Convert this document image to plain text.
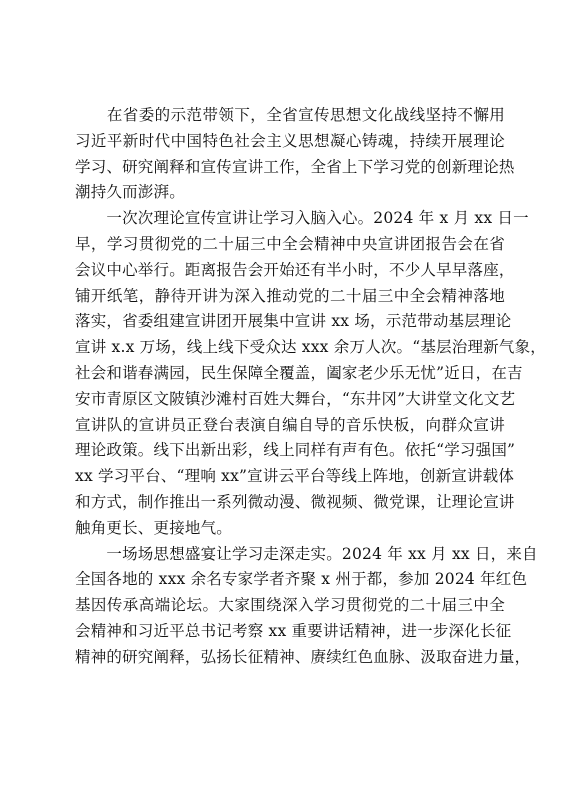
　　在省委的示范带领下，全省宣传思想文化战线坚持不懈用
习近平新时代中国特色社会主义思想凝心铸魂，持续开展理论
学习、研究阐释和宣传宣讲工作，全省上下学习党的创新理论热
潮持久而澎湃。
　　一次次理论宣传宣讲让学习入脑入心。2024 年 x 月 xx 日一
早，学习贯彻党的二十届三中全会精神中央宣讲团报告会在省
会议中心举行。距离报告会开始还有半小时，不少人早早落座，
铺开纸笔，静待开讲为深入推动党的二十届三中全会精神落地
落实，省委组建宣讲团开展集中宣讲 xx 场，示范带动基层理论
宣讲 x.x 万场，线上线下受众达 xxx 余万人次。“基层治理新气象，
社会和谐春满园，民生保障全覆盖，阖家老少乐无忧”近日，在吉
安市青原区文陂镇沙滩村百姓大舞台，“东井冈”大讲堂文化文艺
宣讲队的宣讲员正登台表演自编自导的音乐快板，向群众宣讲
理论政策。线下出新出彩，线上同样有声有色。依托“学习强国”
xx 学习平台、“理响 xx”宣讲云平台等线上阵地，创新宣讲载体
和方式，制作推出一系列微动漫、微视频、微党课，让理论宣讲
触角更长、更接地气。
　　一场场思想盛宴让学习走深走实。2024 年 xx 月 xx 日，来自
全国各地的 xxx 余名专家学者齐聚 x 州于都，参加 2024 年红色
基因传承高端论坛。大家围绕深入学习贯彻党的二十届三中全
会精神和习近平总书记考察 xx 重要讲话精神，进一步深化长征
精神的研究阐释，弘扬长征精神、赓续红色血脉、汲取奋进力量，
